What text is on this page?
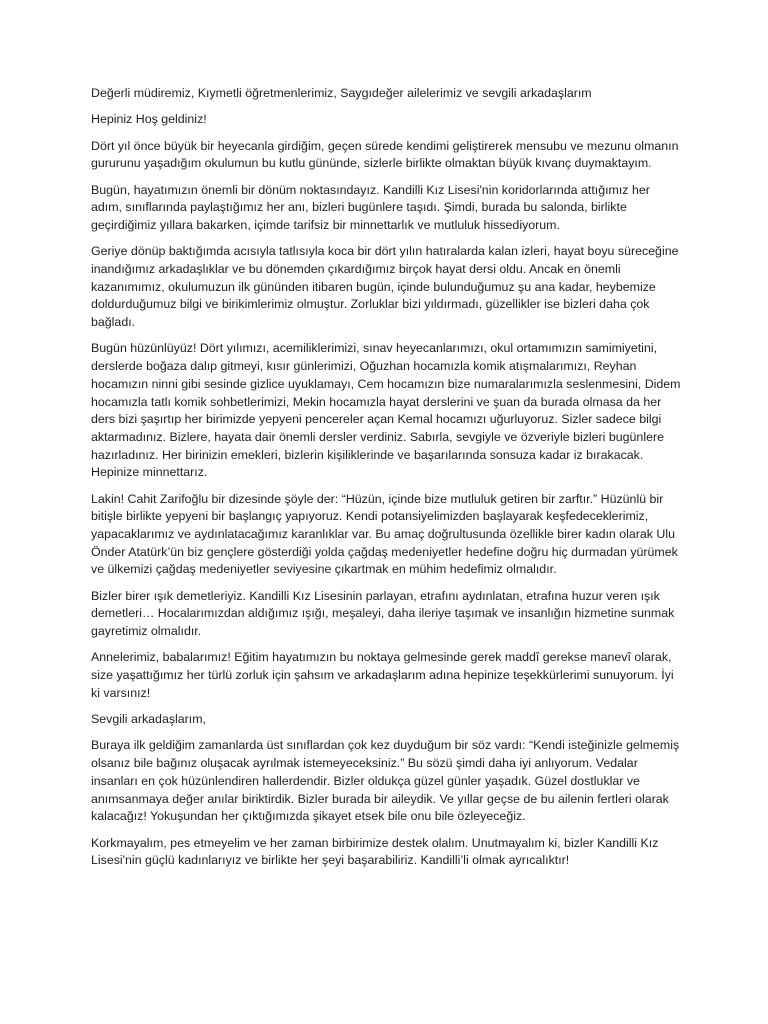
Değerli müdiremiz, Kıymetli öğretmenlerimiz, Saygıdeğer ailelerimiz ve sevgili arkadaşlarım

Hepiniz Hoş geldiniz!

Dört yıl önce büyük bir heyecanla girdiğim, geçen sürede kendimi geliştirerek mensubu ve mezunu olmanın gururunu yaşadığım okulumun bu kutlu gününde, sizlerle birlikte olmaktan büyük kıvanç duymaktayım.

Bugün, hayatımızın önemli bir dönüm noktasındayız. Kandilli Kız Lisesi'nin koridorlarında attığımız her adım, sınıflarında paylaştığımız her anı, bizleri bugünlere taşıdı. Şimdi, burada bu salonda, birlikte geçirdiğimiz yıllara bakarken, içimde tarifsiz bir minnettarlık ve mutluluk hissediyorum.

Geriye dönüp baktığımda acısıyla tatlısıyla koca bir dört yılın hatıralarda kalan izleri, hayat boyu süreceğine inandığımız arkadaşlıklar ve bu dönemden çıkardığımız birçok hayat dersi oldu. Ancak en önemli kazanımımız, okulumuzun ilk gününden itibaren bugün, içinde bulunduğumuz şu ana kadar, heybemize doldurduğumuz bilgi ve birikimlerimiz olmuştur. Zorluklar bizi yıldırmadı, güzellikler ise bizleri daha çok bağladı.

Bugün hüzünlüyüz! Dört yılımızı, acemiliklerimizi, sınav heyecanlarımızı, okul ortamımızın samimiyetini, derslerde boğaza dalıp gitmeyi, kısır günlerimizi, Oğuzhan hocamızla komik atışmalarımızı, Reyhan hocamızın ninni gibi sesinde gizlice uyuklamayı, Cem hocamızın bize numaralarımızla seslenmesini, Didem hocamızla tatlı komik sohbetlerimizi, Mekin hocamızla hayat derslerini ve şuan da burada olmasa da her ders bizi şaşırtıp her birimizde yepyeni pencereler açan Kemal hocamızı uğurluyoruz. Sizler sadece bilgi aktarmadınız. Bizlere, hayata dair önemli dersler verdiniz. Sabırla, sevgiyle ve özveriyle bizleri bugünlere hazırladınız. Her birinizin emekleri, bizlerin kişiliklerinde ve başarılarında sonsuza kadar iz bırakacak. Hepinize minnettarız.

Lakin! Cahit Zarifoğlu bir dizesinde şöyle der: “Hüzün, içinde bize mutluluk getiren bir zarftır.” Hüzünlü bir bitişle birlikte yepyeni bir başlangıç yapıyoruz. Kendi potansiyelimizden başlayarak keşfedeceklerimiz, yapacaklarımız ve aydınlatacağımız karanlıklar var. Bu amaç doğrultusunda özellikle birer kadın olarak Ulu Önder Atatürk’ün biz gençlere gösterdiği yolda çağdaş medeniyetler hedefine doğru hiç durmadan yürümek ve ülkemizi çağdaş medeniyetler seviyesine çıkartmak en mühim hedefimiz olmalıdır.

Bizler birer ışık demetleriyiz. Kandilli Kız Lisesinin parlayan, etrafını aydınlatan, etrafına huzur veren ışık demetleri… Hocalarımızdan aldığımız ışığı, meşaleyi, daha ileriye taşımak ve insanlığın hizmetine sunmak gayretimiz olmalıdır.

Annelerimiz, babalarımız! Eğitim hayatımızın bu noktaya gelmesinde gerek maddî gerekse manevî olarak, size yaşattığımız her türlü zorluk için şahsım ve arkadaşlarım adına hepinize teşekkürlerimi sunuyorum. İyi ki varsınız!

Sevgili arkadaşlarım,

Buraya ilk geldiğim zamanlarda üst sınıflardan çok kez duyduğum bir söz vardı: “Kendi isteğinizle gelmemiş olsanız bile bağınız oluşacak ayrılmak istemeyeceksiniz.” Bu sözü şimdi daha iyi anlıyorum. Vedalar insanları en çok hüzünlendiren hallerdendir. Bizler oldukça güzel günler yaşadık. Güzel dostluklar ve anımsanmaya değer anılar biriktirdik. Bizler burada bir aileydik. Ve yıllar geçse de bu ailenin fertleri olarak kalacağız! Yokuşundan her çıktığımızda şikayet etsek bile onu bile özleyeceğiz.

Korkmayalım, pes etmeyelim ve her zaman birbirimize destek olalım. Unutmayalım ki, bizler Kandilli Kız Lisesi'nin güçlü kadınlarıyız ve birlikte her şeyi başarabiliriz. Kandilli’li olmak ayrıcalıktır!
